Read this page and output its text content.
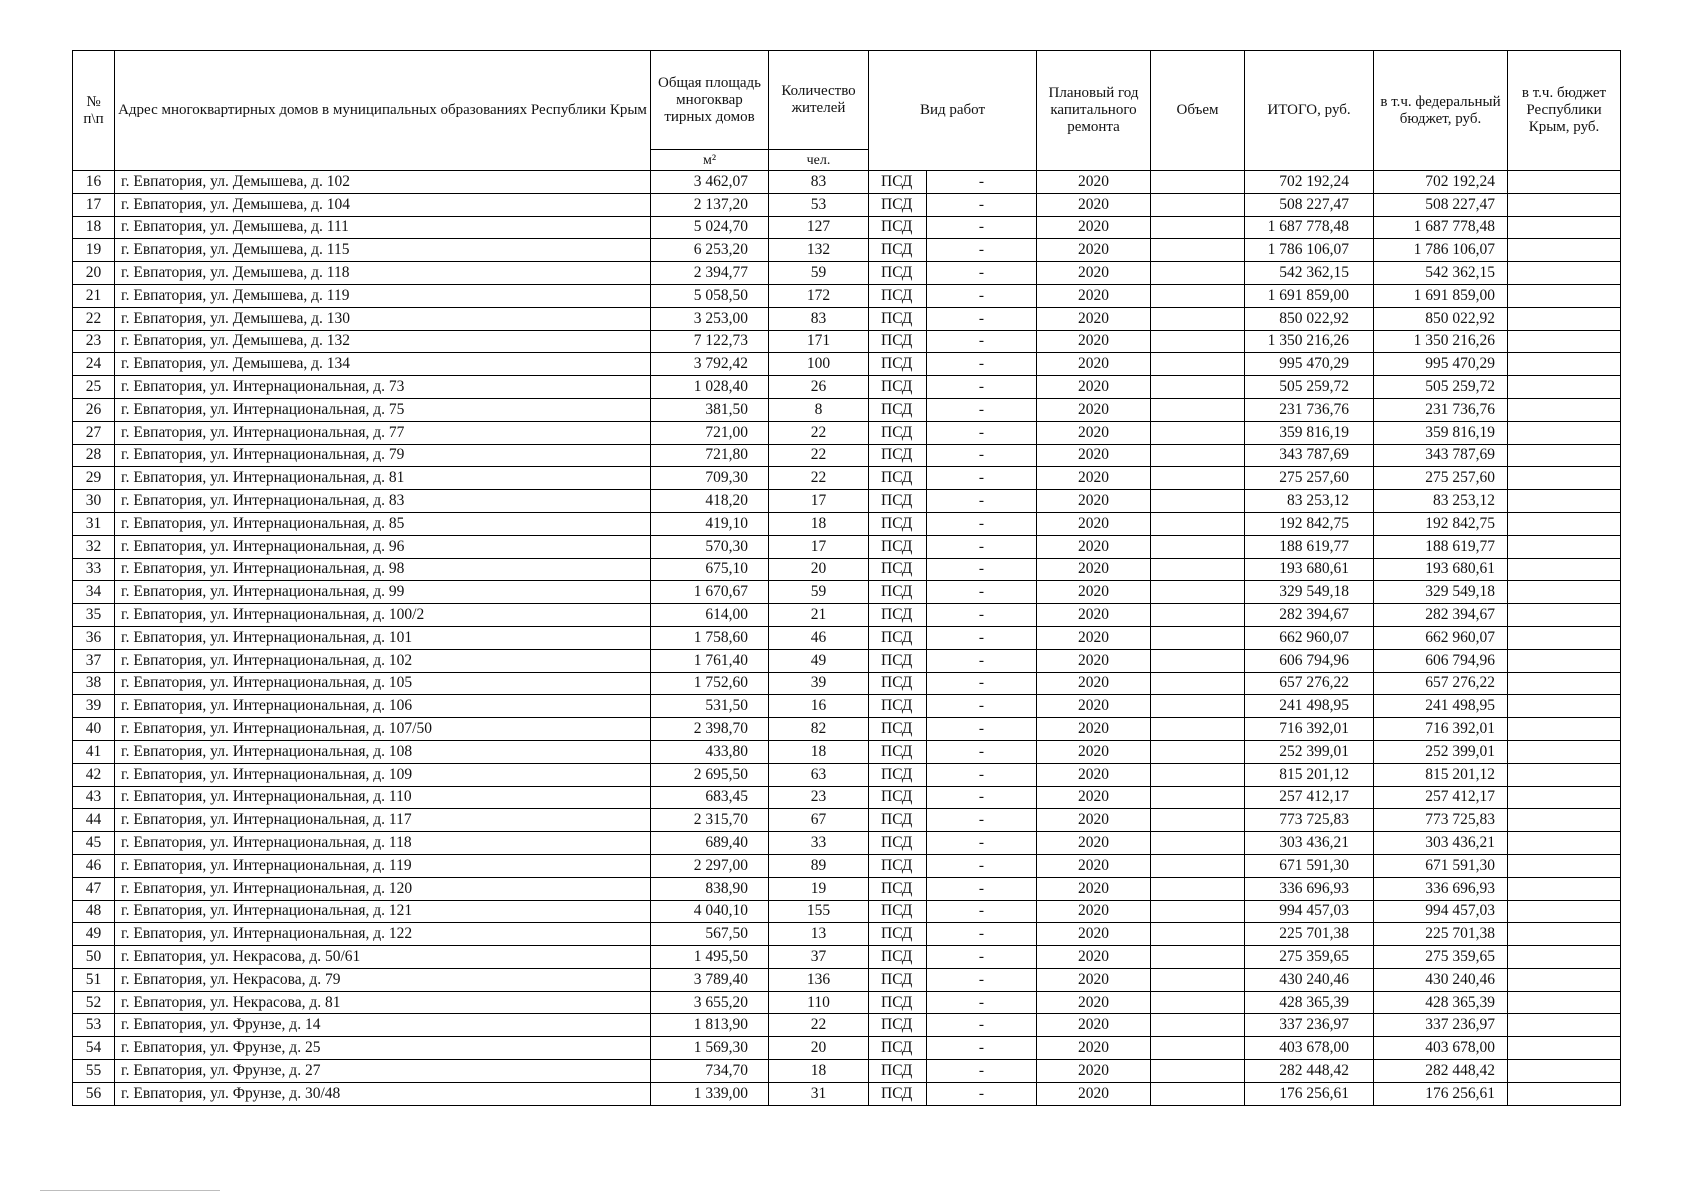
№ п\п	Адрес многоквартирных домов в муниципальных образованиях Республики Крым	Общая площадь многоквар тирных домов	Количество жителей	Вид работ		Плановый год капитального ремонта	Объем	ИТОГО, руб.	в т.ч. федеральный бюджет, руб.	в т.ч. бюджет Республики Крым, руб.
		м²	чел.							
16	г. Евпатория, ул. Демышева, д. 102	3 462,07	83	ПСД	-	2020		702 192,24	702 192,24	
17	г. Евпатория, ул. Демышева, д. 104	2 137,20	53	ПСД	-	2020		508 227,47	508 227,47	
18	г. Евпатория, ул. Демышева, д. 111	5 024,70	127	ПСД	-	2020		1 687 778,48	1 687 778,48	
19	г. Евпатория, ул. Демышева, д. 115	6 253,20	132	ПСД	-	2020		1 786 106,07	1 786 106,07	
20	г. Евпатория, ул. Демышева, д. 118	2 394,77	59	ПСД	-	2020		542 362,15	542 362,15	
21	г. Евпатория, ул. Демышева, д. 119	5 058,50	172	ПСД	-	2020		1 691 859,00	1 691 859,00	
22	г. Евпатория, ул. Демышева, д. 130	3 253,00	83	ПСД	-	2020		850 022,92	850 022,92	
23	г. Евпатория, ул. Демышева, д. 132	7 122,73	171	ПСД	-	2020		1 350 216,26	1 350 216,26	
24	г. Евпатория, ул. Демышева, д. 134	3 792,42	100	ПСД	-	2020		995 470,29	995 470,29	
25	г. Евпатория, ул. Интернациональная, д. 73	1 028,40	26	ПСД	-	2020		505 259,72	505 259,72	
26	г. Евпатория, ул. Интернациональная, д. 75	381,50	8	ПСД	-	2020		231 736,76	231 736,76	
27	г. Евпатория, ул. Интернациональная, д. 77	721,00	22	ПСД	-	2020		359 816,19	359 816,19	
28	г. Евпатория, ул. Интернациональная, д. 79	721,80	22	ПСД	-	2020		343 787,69	343 787,69	
29	г. Евпатория, ул. Интернациональная, д. 81	709,30	22	ПСД	-	2020		275 257,60	275 257,60	
30	г. Евпатория, ул. Интернациональная, д. 83	418,20	17	ПСД	-	2020		83 253,12	83 253,12	
31	г. Евпатория, ул. Интернациональная, д. 85	419,10	18	ПСД	-	2020		192 842,75	192 842,75	
32	г. Евпатория, ул. Интернациональная, д. 96	570,30	17	ПСД	-	2020		188 619,77	188 619,77	
33	г. Евпатория, ул. Интернациональная, д. 98	675,10	20	ПСД	-	2020		193 680,61	193 680,61	
34	г. Евпатория, ул. Интернациональная, д. 99	1 670,67	59	ПСД	-	2020		329 549,18	329 549,18	
35	г. Евпатория, ул. Интернациональная, д. 100/2	614,00	21	ПСД	-	2020		282 394,67	282 394,67	
36	г. Евпатория, ул. Интернациональная, д. 101	1 758,60	46	ПСД	-	2020		662 960,07	662 960,07	
37	г. Евпатория, ул. Интернациональная, д. 102	1 761,40	49	ПСД	-	2020		606 794,96	606 794,96	
38	г. Евпатория, ул. Интернациональная, д. 105	1 752,60	39	ПСД	-	2020		657 276,22	657 276,22	
39	г. Евпатория, ул. Интернациональная, д. 106	531,50	16	ПСД	-	2020		241 498,95	241 498,95	
40	г. Евпатория, ул. Интернациональная, д. 107/50	2 398,70	82	ПСД	-	2020		716 392,01	716 392,01	
41	г. Евпатория, ул. Интернациональная, д. 108	433,80	18	ПСД	-	2020		252 399,01	252 399,01	
42	г. Евпатория, ул. Интернациональная, д. 109	2 695,50	63	ПСД	-	2020		815 201,12	815 201,12	
43	г. Евпатория, ул. Интернациональная, д. 110	683,45	23	ПСД	-	2020		257 412,17	257 412,17	
44	г. Евпатория, ул. Интернациональная, д. 117	2 315,70	67	ПСД	-	2020		773 725,83	773 725,83	
45	г. Евпатория, ул. Интернациональная, д. 118	689,40	33	ПСД	-	2020		303 436,21	303 436,21	
46	г. Евпатория, ул. Интернациональная, д. 119	2 297,00	89	ПСД	-	2020		671 591,30	671 591,30	
47	г. Евпатория, ул. Интернациональная, д. 120	838,90	19	ПСД	-	2020		336 696,93	336 696,93	
48	г. Евпатория, ул. Интернациональная, д. 121	4 040,10	155	ПСД	-	2020		994 457,03	994 457,03	
49	г. Евпатория, ул. Интернациональная, д. 122	567,50	13	ПСД	-	2020		225 701,38	225 701,38	
50	г. Евпатория, ул. Некрасова, д. 50/61	1 495,50	37	ПСД	-	2020		275 359,65	275 359,65	
51	г. Евпатория, ул. Некрасова, д. 79	3 789,40	136	ПСД	-	2020		430 240,46	430 240,46	
52	г. Евпатория, ул. Некрасова, д. 81	3 655,20	110	ПСД	-	2020		428 365,39	428 365,39	
53	г. Евпатория, ул. Фрунзе, д. 14	1 813,90	22	ПСД	-	2020		337 236,97	337 236,97	
54	г. Евпатория, ул. Фрунзе, д. 25	1 569,30	20	ПСД	-	2020		403 678,00	403 678,00	
55	г. Евпатория, ул. Фрунзе, д. 27	734,70	18	ПСД	-	2020		282 448,42	282 448,42	
56	г. Евпатория, ул. Фрунзе, д. 30/48	1 339,00	31	ПСД	-	2020		176 256,61	176 256,61	
